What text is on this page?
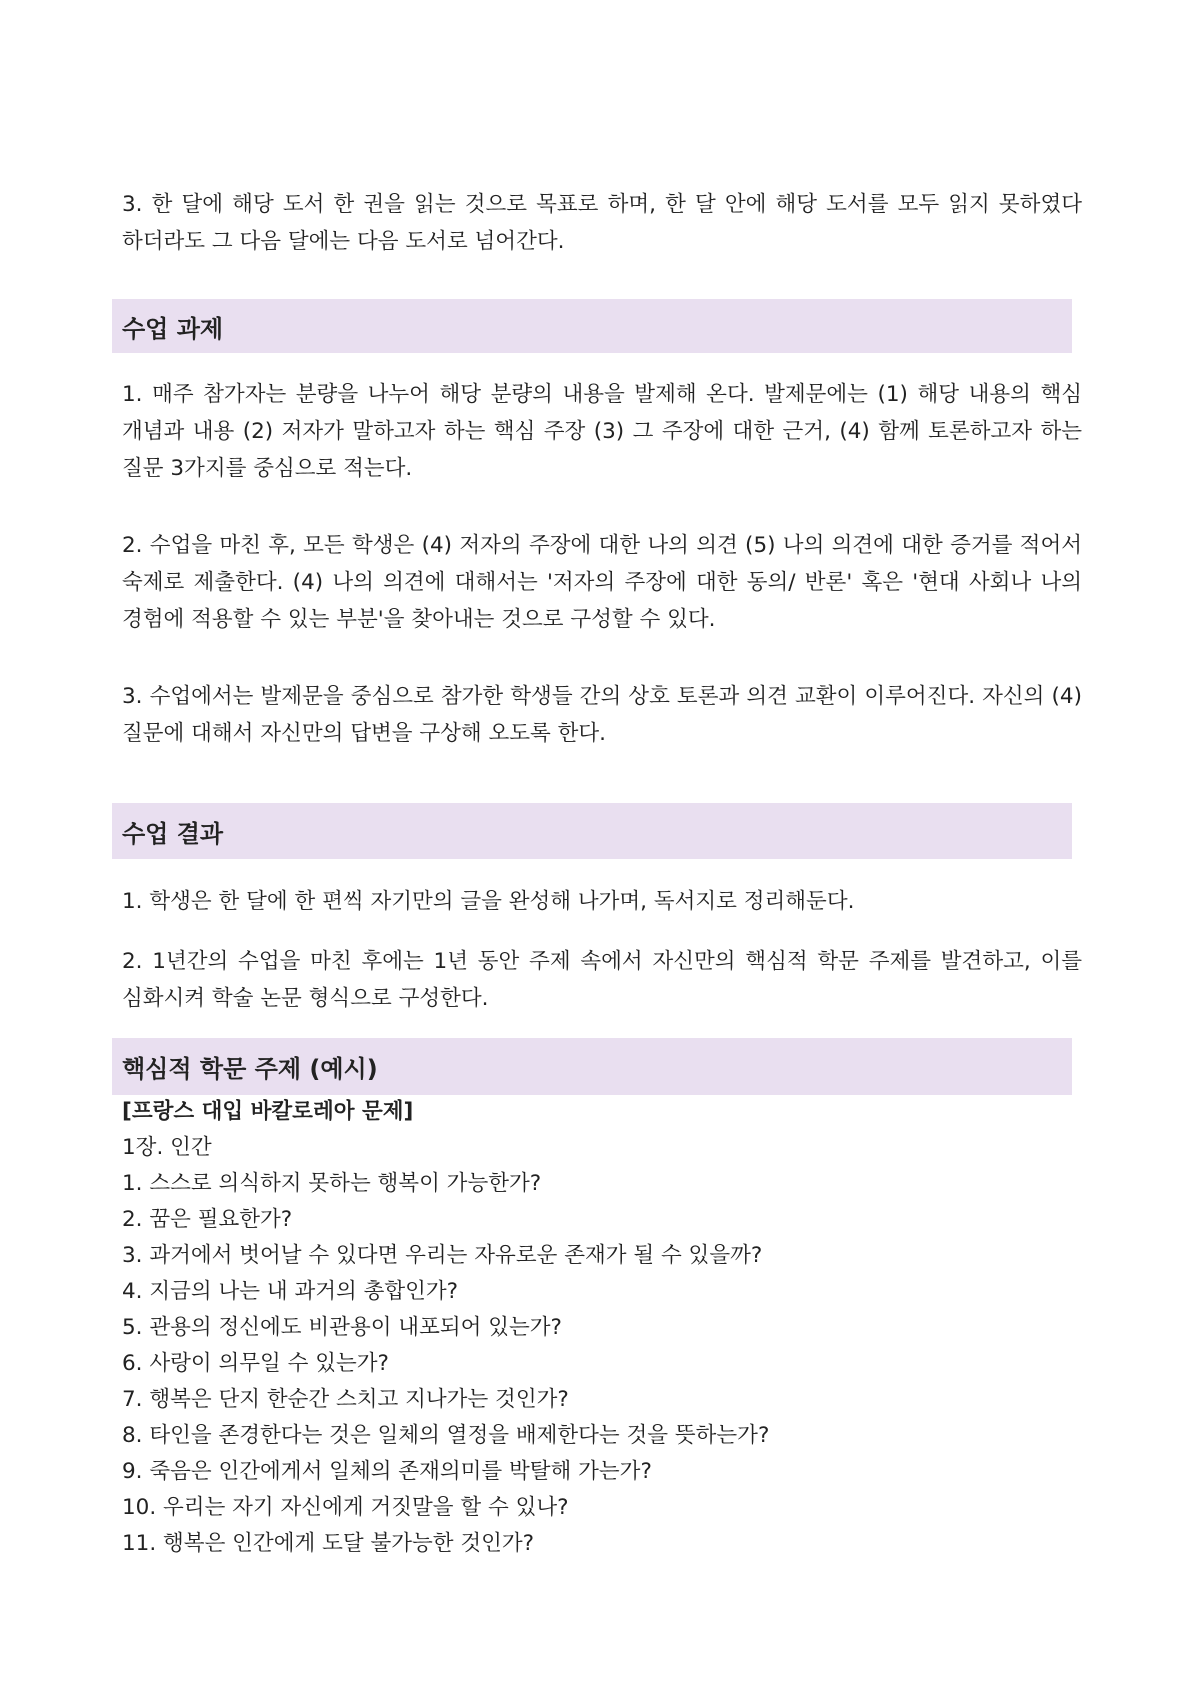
3. 한 달에 해당 도서 한 권을 읽는 것으로 목표로 하며, 한 달 안에 해당 도서를 모두 읽지 못하였다 하더라도 그 다음 달에는 다음 도서로 넘어간다.

수업 과제

1. 매주 참가자는 분량을 나누어 해당 분량의 내용을 발제해 온다. 발제문에는 (1) 해당 내용의 핵심 개념과 내용 (2) 저자가 말하고자 하는 핵심 주장 (3) 그 주장에 대한 근거, (4) 함께 토론하고자 하는 질문 3가지를 중심으로 적는다.

2. 수업을 마친 후, 모든 학생은 (4) 저자의 주장에 대한 나의 의견 (5) 나의 의견에 대한 증거를 적어서 숙제로 제출한다. (4) 나의 의견에 대해서는 '저자의 주장에 대한 동의/ 반론' 혹은 '현대 사회나 나의 경험에 적용할 수 있는 부분'을 찾아내는 것으로 구성할 수 있다.

3. 수업에서는 발제문을 중심으로 참가한 학생들 간의 상호 토론과 의견 교환이 이루어진다. 자신의 (4) 질문에 대해서 자신만의 답변을 구상해 오도록 한다.

수업 결과

1. 학생은 한 달에 한 편씩 자기만의 글을 완성해 나가며, 독서지로 정리해둔다.

2. 1년간의 수업을 마친 후에는 1년 동안 주제 속에서 자신만의 핵심적 학문 주제를 발견하고, 이를 심화시켜 학술 논문 형식으로 구성한다.

핵심적 학문 주제 (예시)

[프랑스 대입 바칼로레아 문제]

1장. 인간

1. 스스로 의식하지 못하는 행복이 가능한가?

2. 꿈은 필요한가?

3. 과거에서 벗어날 수 있다면 우리는 자유로운 존재가 될 수 있을까?

4. 지금의 나는 내 과거의 총합인가?

5. 관용의 정신에도 비관용이 내포되어 있는가?

6. 사랑이 의무일 수 있는가?

7. 행복은 단지 한순간 스치고 지나가는 것인가?

8. 타인을 존경한다는 것은 일체의 열정을 배제한다는 것을 뜻하는가?

9. 죽음은 인간에게서 일체의 존재의미를 박탈해 가는가?

10. 우리는 자기 자신에게 거짓말을 할 수 있나?

11. 행복은 인간에게 도달 불가능한 것인가?
